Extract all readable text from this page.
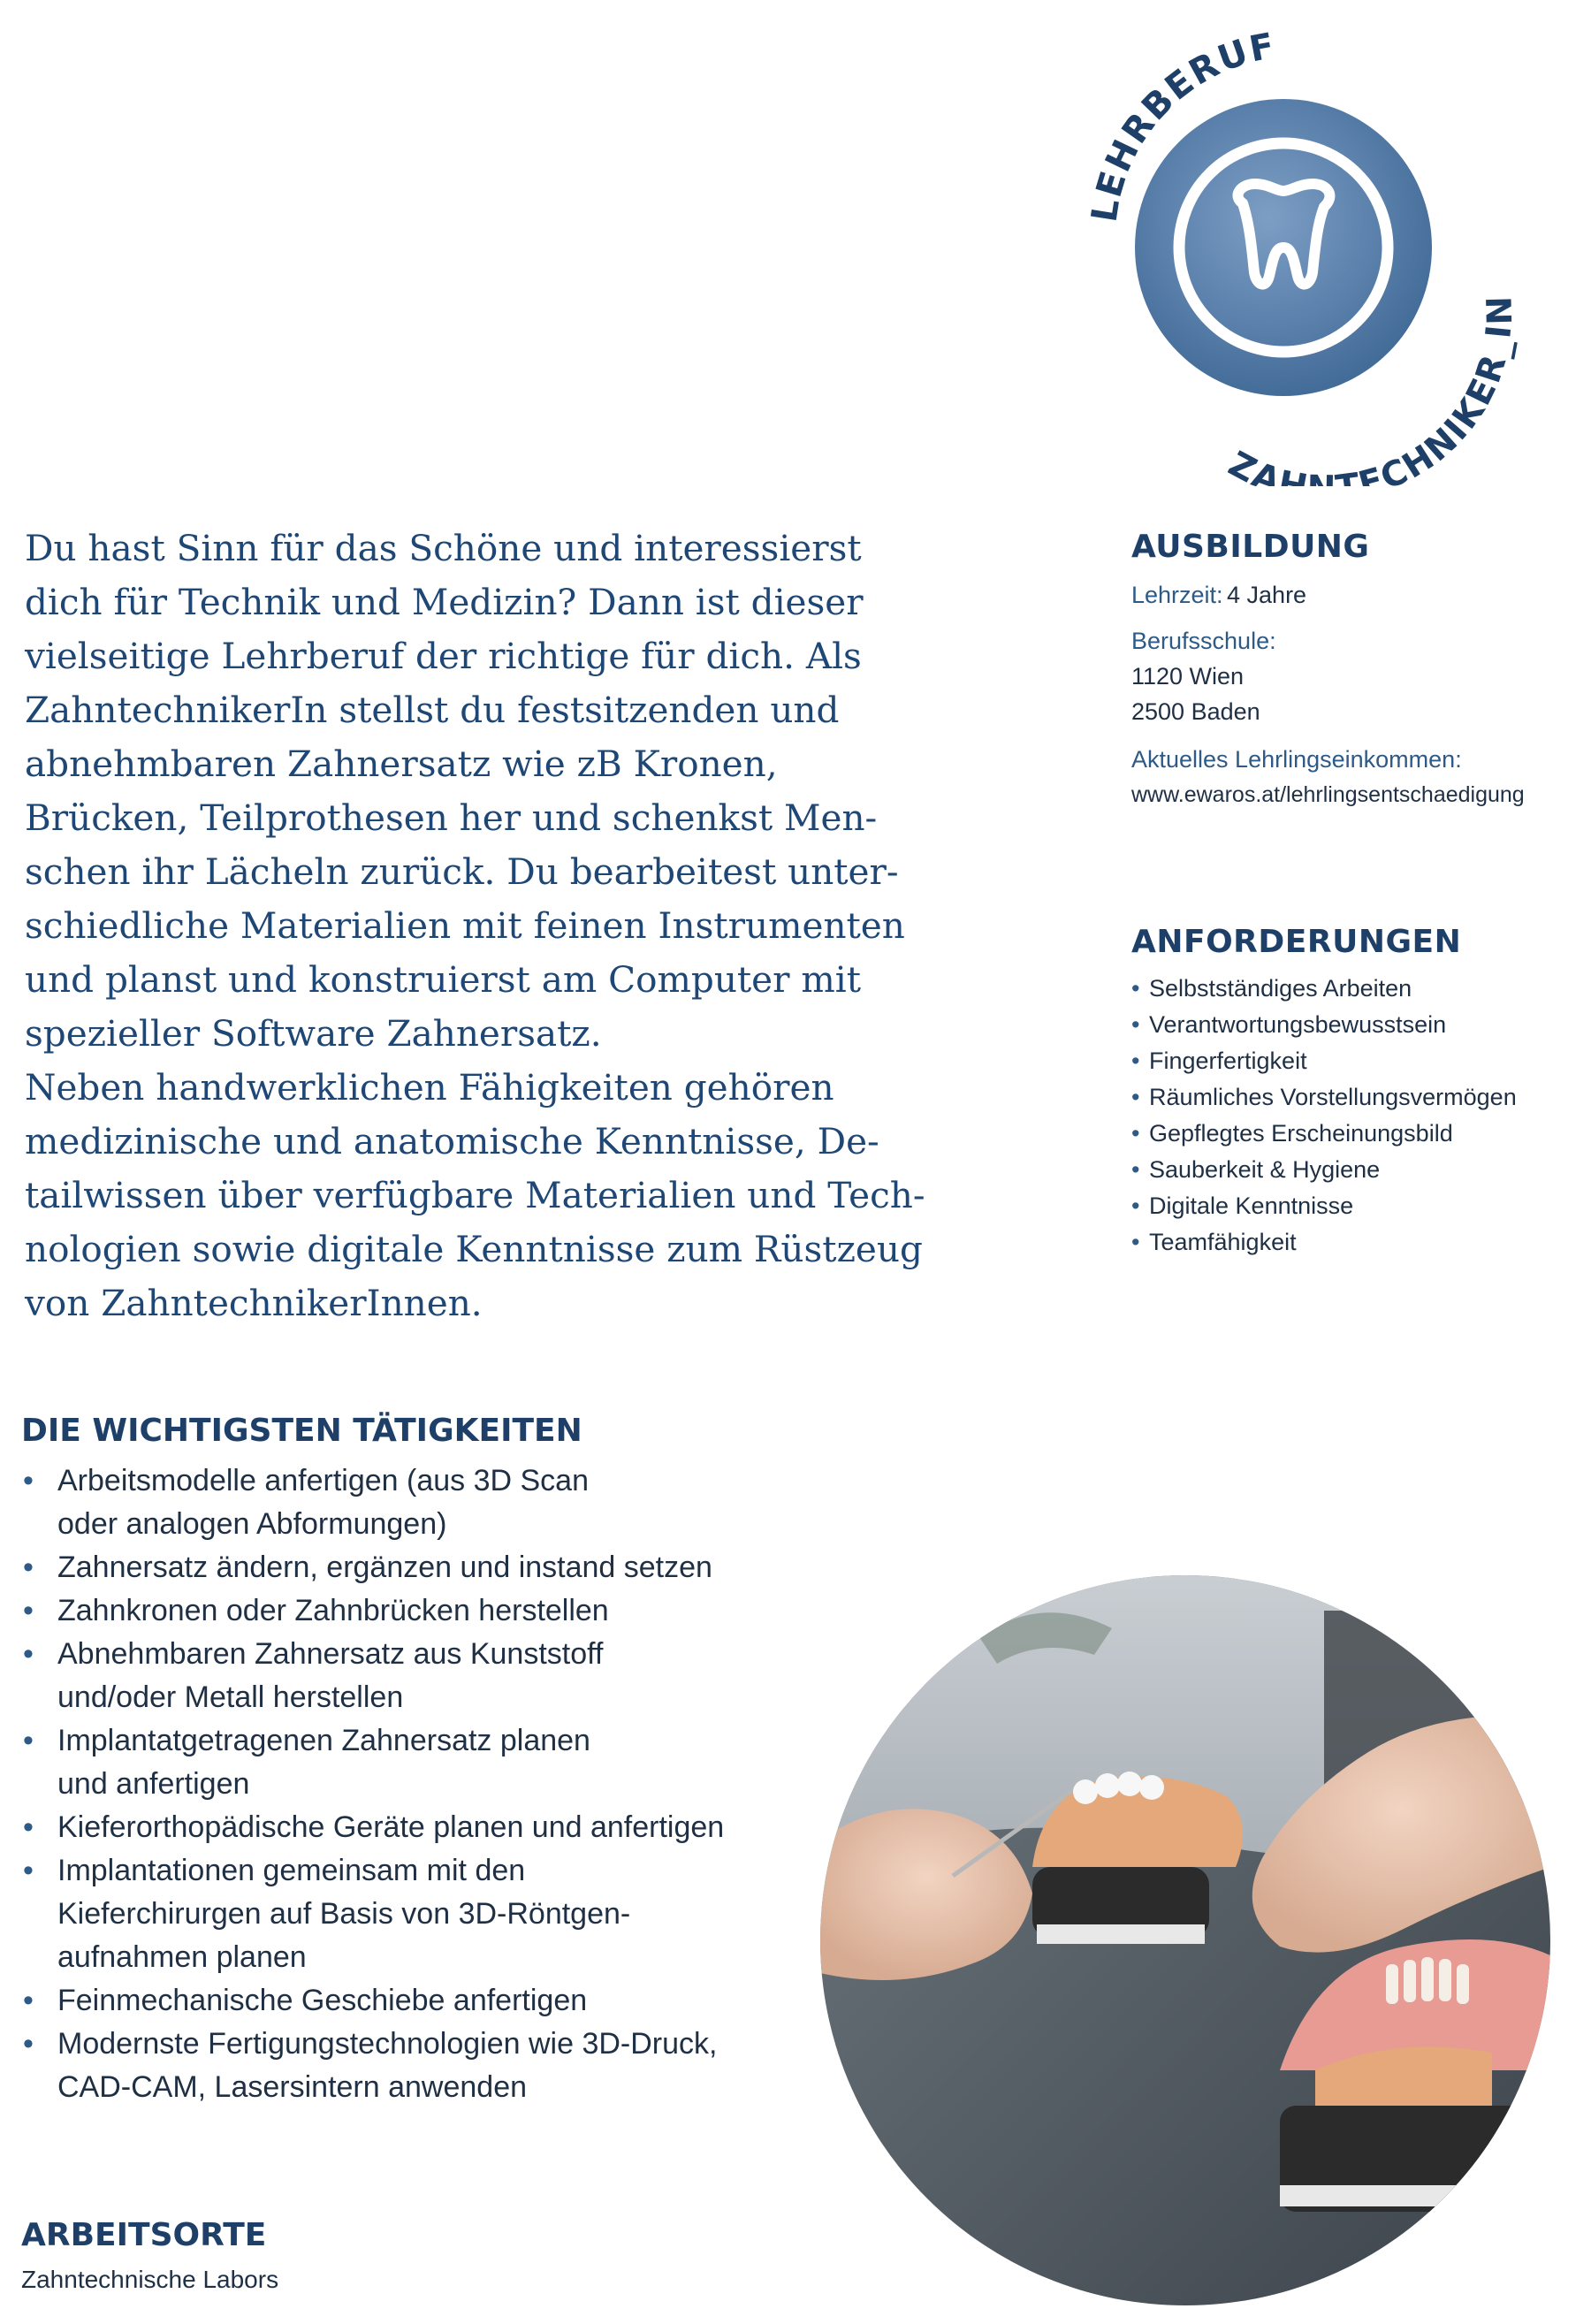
LEHRBERUF
ZAH ECHNIKER_IN
Du hast Sinn für das Schöne und interessierst
dich für Technik und Medizin? Dann ist dieser
vielseitige Lehrberuf der richtige für dich. Als
ZahntechnikerIn stellst du festsitzenden und
abnehmbaren Zahnersatz wie zB Kronen,
Brücken, Teilprothesen her und schenkst Men-
schen ihr Lächeln zurück. Du bearbeitest unter-
schiedliche Materialien mit feinen Instrumenten
und planst und konstruierst am Computer mit
spezieller Software Zahnersatz.
Neben handwerklichen Fähigkeiten gehören
medizinische und anatomische Kenntnisse, De-
tailwissen über verfügbare Materialien und Tech-
nologien sowie digitale Kenntnisse zum Rüstzeug
von ZahntechnikerInnen.
AUSBILDUNG
Lehrzeit: 4 Jahre
Berufsschule:
1120 Wien
2500 Baden
Aktuelles Lehrlingseinkommen:
www.ewaros.at/lehrlingsentschaedigung
ANFORDERUNGEN
• Selbstständiges Arbeiten
• Verantwortungsbewusstsein
• Fingerfertigkeit
• Räumliches Vorstellungsvermögen
• Gepflegtes Erscheinungsbild
• Sauberkeit & Hygiene
• Digitale Kenntnisse
• Teamfähigkeit
DIE WICHTIGSTEN TÄTIGKEITEN
• Arbeitsmodelle anfertigen (aus 3D Scan
oder analogen Abformungen)
• Zahnersatz ändern, ergänzen und instand setzen
• Zahnkronen oder Zahnbrücken herstellen
• Abnehmbaren Zahnersatz aus Kunststoff
und/oder Metall herstellen
• Implantatgetragenen Zahnersatz planen
und anfertigen
• Kieferorthopädische Geräte planen und anfertigen
• Implantationen gemeinsam mit den
Kieferchirurgen auf Basis von 3D-Röntgen-
aufnahmen planen
• Feinmechanische Geschiebe anfertigen
• Modernste Fertigungstechnologien wie 3D-Druck,
CAD-CAM, Lasersintern anwenden
ARBEITSORTE
Zahntechnische Labors
